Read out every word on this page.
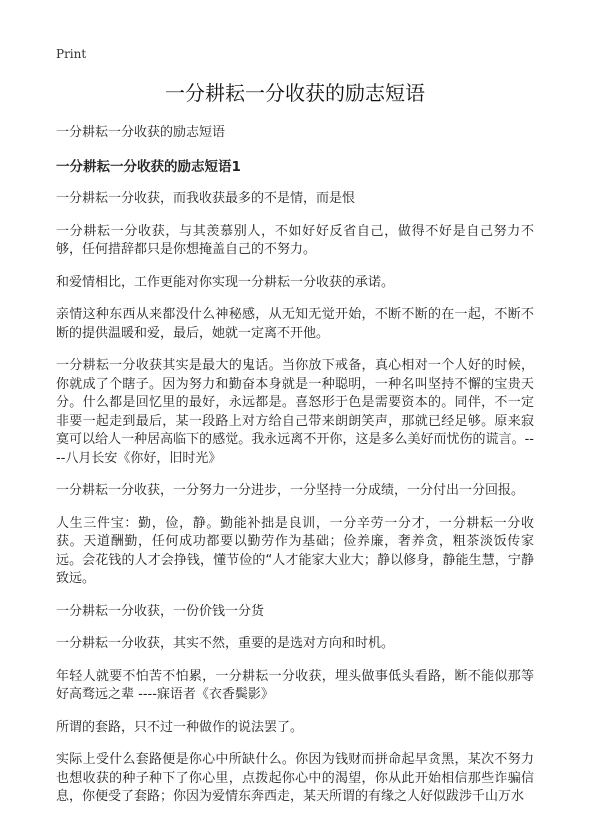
Print
一分耕耘一分收获的励志短语
一分耕耘一分收获的励志短语
一分耕耘一分收获的励志短语1

一分耕耘一分收获，而我收获最多的不是情，而是恨

一分耕耘一分收获，与其羡慕别人，不如好好反省自己，做得不好是自己努力不够，任何措辞都只是你想掩盖自己的不努力。

和爱情相比，工作更能对你实现一分耕耘一分收获的承诺。

亲情这种东西从来都没什么神秘感，从无知无觉开始，不断不断的在一起，不断不断的提供温暖和爱，最后，她就一定离不开他。

一分耕耘一分收获其实是最大的鬼话。当你放下戒备，真心相对一个人好的时候，你就成了个瞎子。因为努力和勤奋本身就是一种聪明，一种名叫坚持不懈的宝贵天分。什么都是回忆里的最好，永远都是。喜怒形于色是需要资本的。同伴，不一定非要一起走到最后，某一段路上对方给自己带来朗朗笑声，那就已经足够。原来寂寞可以给人一种居高临下的感觉。我永远离不开你，这是多么美好而忧伤的谎言。----八月长安《你好，旧时光》

一分耕耘一分收获，一分努力一分进步，一分坚持一分成绩，一分付出一分回报。

人生三件宝：勤，俭，静。勤能补拙是良训，一分辛劳一分才，一分耕耘一分收获。天道酬勤，任何成功都要以勤劳作为基础；俭养廉，奢养贪，粗茶淡饭传家远。会花钱的人才会挣钱，懂节俭的“人才能家大业大；静以修身，静能生慧，宁静致远。

一分耕耘一分收获，一份价钱一分货

一分耕耘一分收获，其实不然，重要的是选对方向和时机。

年轻人就要不怕苦不怕累，一分耕耘一分收获，埋头做事低头看路，断不能似那等好高骛远之辈 ----寐语者《衣香鬓影》

所谓的套路，只不过一种做作的说法罢了。

实际上受什么套路便是你心中所缺什么。你因为钱财而拼命起早贪黑，某次不努力也想收获的种子种下了你心里，点拨起你心中的渴望，你从此开始相信那些诈骗信息，你便受了套路；你因为爱情东奔西走，某天所谓的有缘之人好似跋涉千山万水
